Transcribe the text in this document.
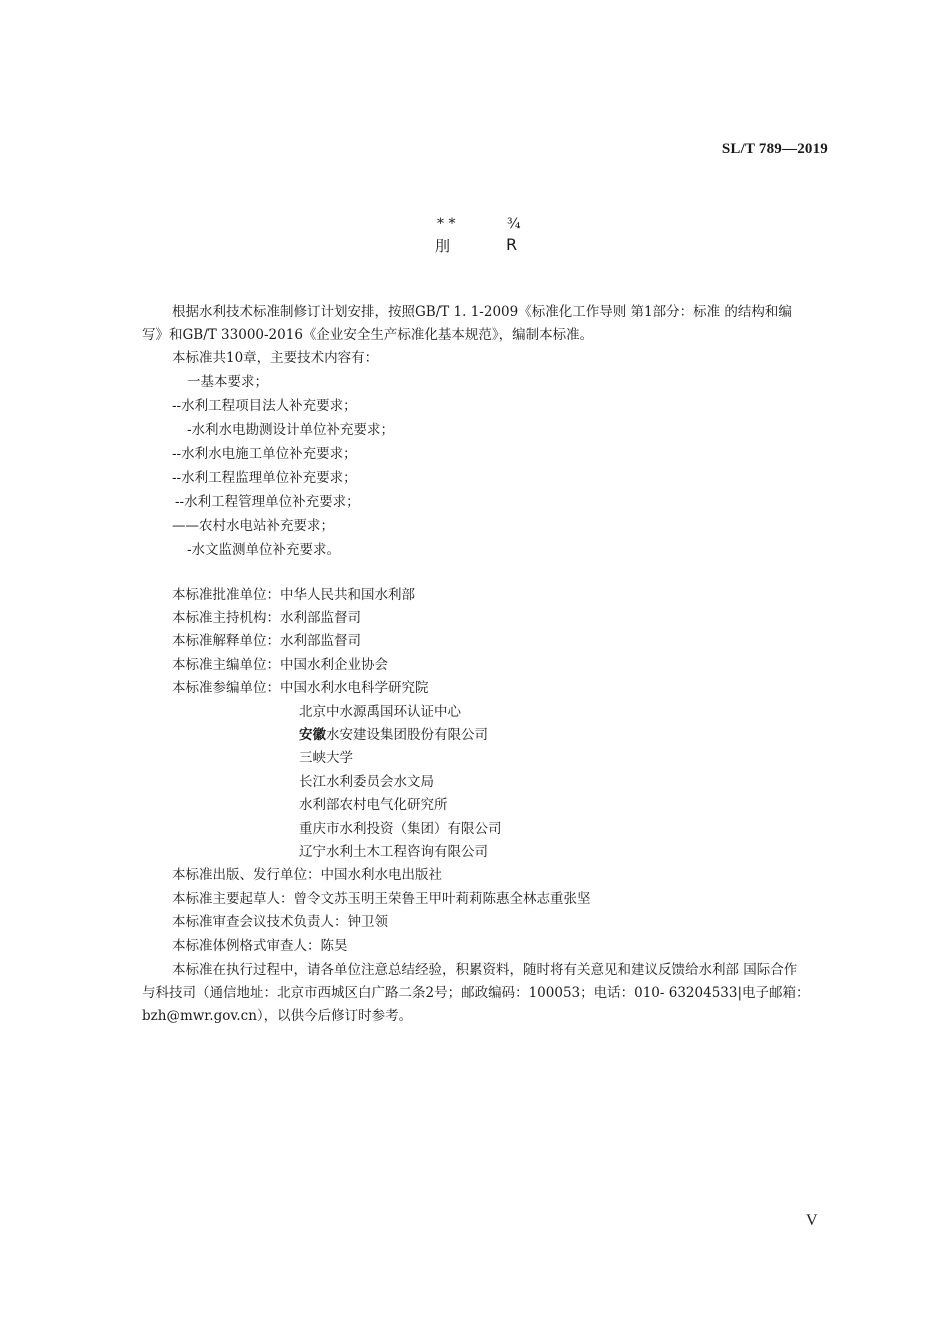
SL/T 789—2019
* *	¾
刖	R
根据水利技术标准制修订计划安排，按照GB/T 1. 1-2009《标准化工作导则 第1部分：标准 的结构和编
写》和GB/T 33000-2016《企业安全生产标准化基本规范》，编制本标准。
本标准共10章，主要技术内容有：
一基本要求；
--水利工程项目法人补充要求；
-水利水电勘测设计单位补充要求；
--水利水电施工单位补充要求；
--水利工程监理单位补充要求；
--水利工程管理单位补充要求；
——农村水电站补充要求；
-水文监测单位补充要求。
本标准批准单位：中华人民共和国水利部
本标准主持机构：水利部监督司
本标准解释单位：水利部监督司
本标准主编单位：中国水利企业协会
本标准参编单位：中国水利水电科学研究院
北京中水源禹国环认证中心
安徽水安建设集团股份有限公司
三峡大学
长江水利委员会水文局
水利部农村电气化研究所
重庆市水利投资（集团）有限公司
辽宁水利土木工程咨询有限公司
本标准出版、发行单位：中国水利水电出版社
本标准主要起草人：曾令文苏玉明王荣鲁王甲叶莉莉陈惠全林志重张坚
本标准审查会议技术负责人：钟卫领
本标准体例格式审查人：陈昊
本标准在执行过程中，请各单位注意总结经验，积累资料，随时将有关意见和建议反馈给水利部 国际合作
与科技司（通信地址：北京市西城区白广路二条2号；邮政编码：100053；电话：010- 63204533|电子邮箱：
bzh@mwr.gov.cn），以供今后修订时参考。
V
